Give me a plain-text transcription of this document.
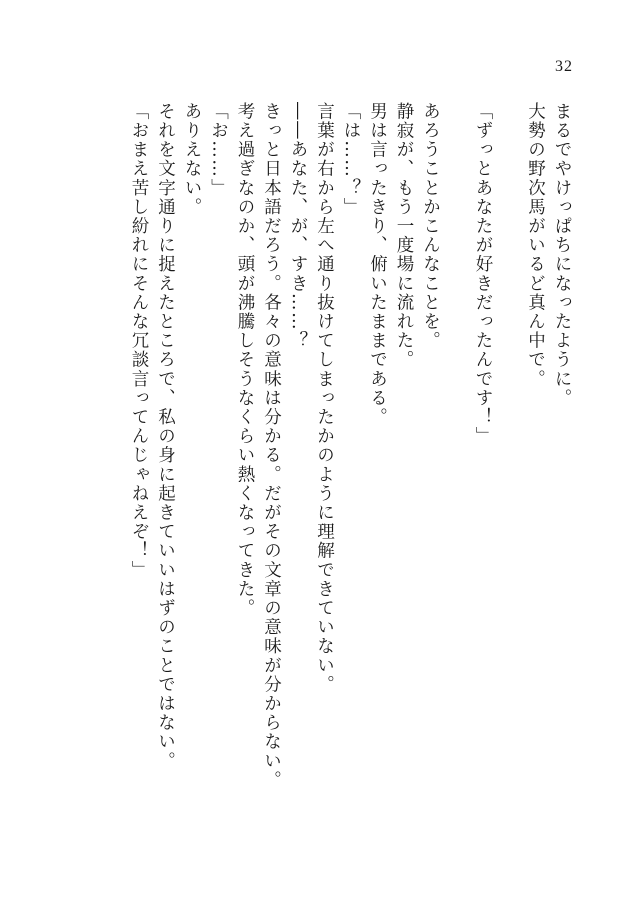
32
まるでやけっぱちになったように。
大勢の野次馬がいるど真ん中で。
「ずっとあなたが好きだったんです！」
あろうことかこんなことを。
静寂が、もう一度場に流れた。
男は言ったきり、俯いたままである。
「は……？」
言葉が右から左へ通り抜けてしまったかのように理解できていない。
――あなた、が、すき……？
きっと日本語だろう。各々の意味は分かる。だがその文章の意味が分からない。
考え過ぎなのか、頭が沸騰しそうなくらい熱くなってきた。
「お……」
ありえない。
それを文字通りに捉えたところで、私の身に起きていいはずのことではない。
「おまえ苦し紛れにそんな冗談言ってんじゃねえぞ！」
